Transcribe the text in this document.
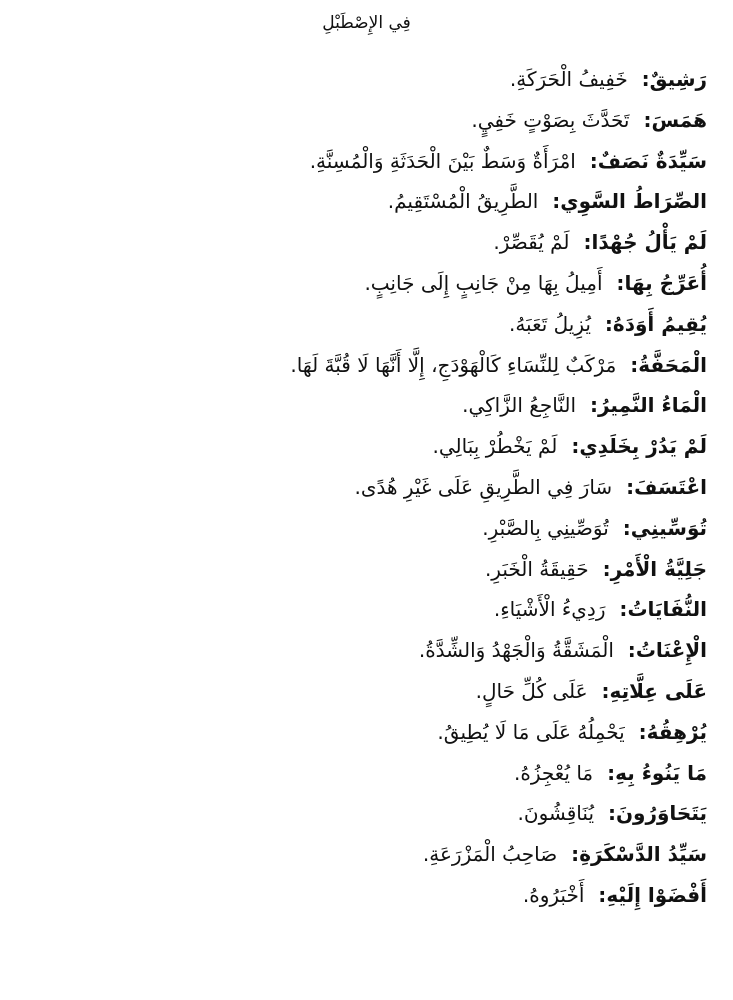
فِي الإِصْطَبْلِ
رَشِيقٌ:  خَفِيفُ الْحَرَكَةِ.
هَمَسَ:  تَحَدَّثَ بِصَوْتٍ خَفِيٍ.
سَيِّدَةٌ نَصَفٌ:  امْرَأَةٌ وَسَطٌ بَيْنَ الْحَدَثَةِ وَالْمُسِنَّةِ.
الصِّرَاطُ السَّوِي:  الطَّرِيقُ الْمُسْتَقِيمُ.
لَمْ يَأْلُ جُهْدًا:  لَمْ يُقَصِّرْ.
أُعَرِّجُ بِهَا:  أَمِيلُ بِهَا مِنْ جَانِبٍ إِلَى جَانِبٍ.
يُقِيمُ أَوَدَهُ:  يُزِيلُ تَعَبَهُ.
الْمَحَفَّةُ:  مَرْكَبٌ لِلنِّسَاءِ كَالْهَوْدَجِ، إِلَّا أَنَّهَا لَا قُبَّةَ لَهَا.
الْمَاءُ النَّمِيرُ:  النَّاجِعُ الزَّاكِي.
لَمْ يَدُرْ بِخَلَدِي:  لَمْ يَخْطُرْ بِبَالِي.
اعْتَسَفَ:  سَارَ فِي الطَّرِيقِ عَلَى غَيْرِ هُدًى.
تُوَسِّينِي:  تُوَصِّينِي بِالصَّبْرِ.
جَلِيَّةُ الْأَمْرِ:  حَقِيقَةُ الْخَبَرِ.
النُّفَايَاتُ:  رَدِيءُ الْأَشْيَاءِ.
الْإِعْنَاتُ:  الْمَشَقَّةُ وَالْجَهْدُ وَالشِّدَّةُ.
عَلَى عِلَّاتِهِ:  عَلَى كُلِّ حَالٍ.
يُرْهِقُهُ:  يَحْمِلُهُ عَلَى مَا لَا يُطِيقُ.
مَا يَنُوءُ بِهِ:  مَا يُعْجِزُهُ.
يَتَحَاوَرُونَ:  يُنَاقِشُونَ.
سَيِّدُ الدَّسْكَرَةِ:  صَاحِبُ الْمَزْرَعَةِ.
أَفْضَوْا إِلَيْهِ:  أَخْبَرُوهُ.
